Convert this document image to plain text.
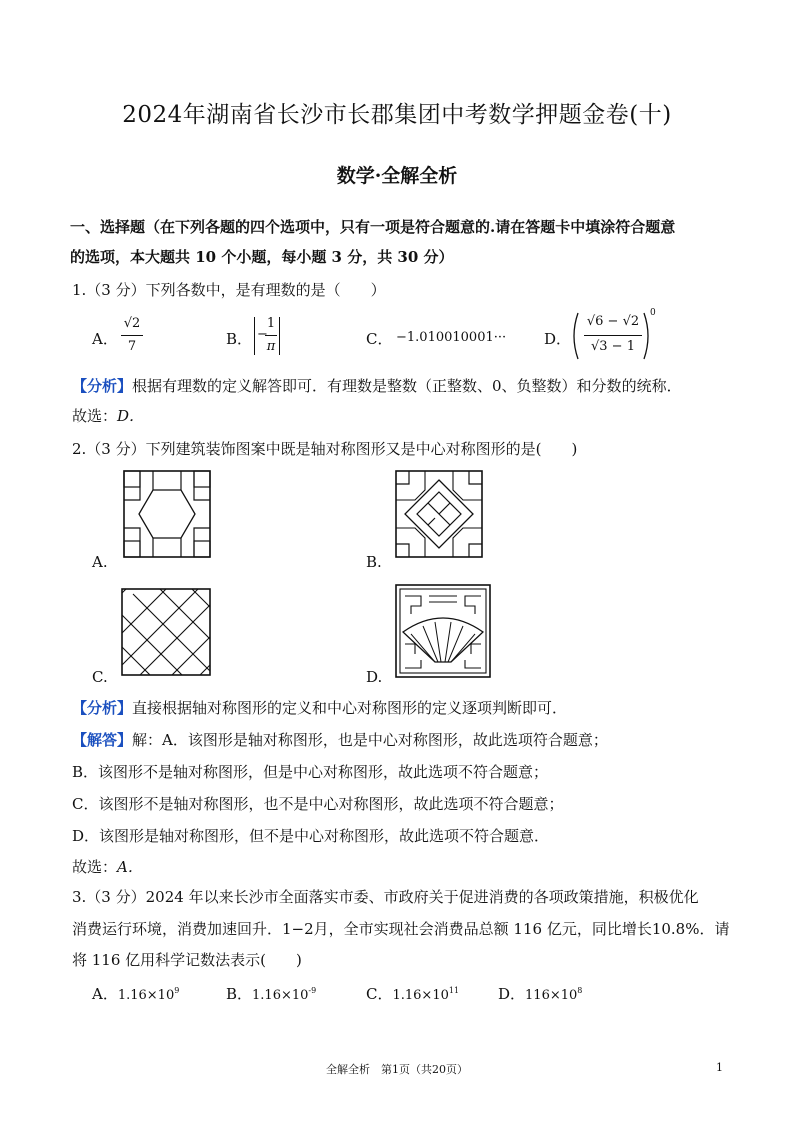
2024年湖南省长沙市长郡集团中考数学押题金卷(十)
数学·全解全析
一、选择题（在下列各题的四个选项中，只有一项是符合题意的.请在答题卡中填涂符合题意
的选项，本大题共 10 个小题，每小题 3 分，共 30 分）
1.（3 分）下列各数中，是有理数的是（　　）
A．
√2
7	B． −
1
π	C． −1.010010001···	D．
√6 − √2
√3 − 1
0
【分析】根据有理数的定义解答即可．有理数是整数（正整数、0、负整数）和分数的统称．
故选：D．
2.（3 分）下列建筑装饰图案中既是轴对称图形又是中心对称图形的是(　　)
A.	B.
C.	D.
【分析】直接根据轴对称图形的定义和中心对称图形的定义逐项判断即可．
【解答】解：A．该图形是轴对称图形，也是中心对称图形，故此选项符合题意；
B．该图形不是轴对称图形，但是中心对称图形，故此选项不符合题意；
C．该图形不是轴对称图形，也不是中心对称图形，故此选项不符合题意；
D．该图形是轴对称图形，但不是中心对称图形，故此选项不符合题意．
故选：A．
3.（3 分）2024 年以来长沙市全面落实市委、市政府关于促进消费的各项政策措施，积极优化
消费运行环境，消费加速回升．1−2月，全市实现社会消费品总额 116 亿元，同比增长10.8%．请
将 116 亿用科学记数法表示(　　)
A．$1.16\times 10^9$	B．$1.16\times 10^{-9}$	C．$1.16\times 10^{11}$	D．$116\times 10^8$
全解全析　第1页（共20页）	1
